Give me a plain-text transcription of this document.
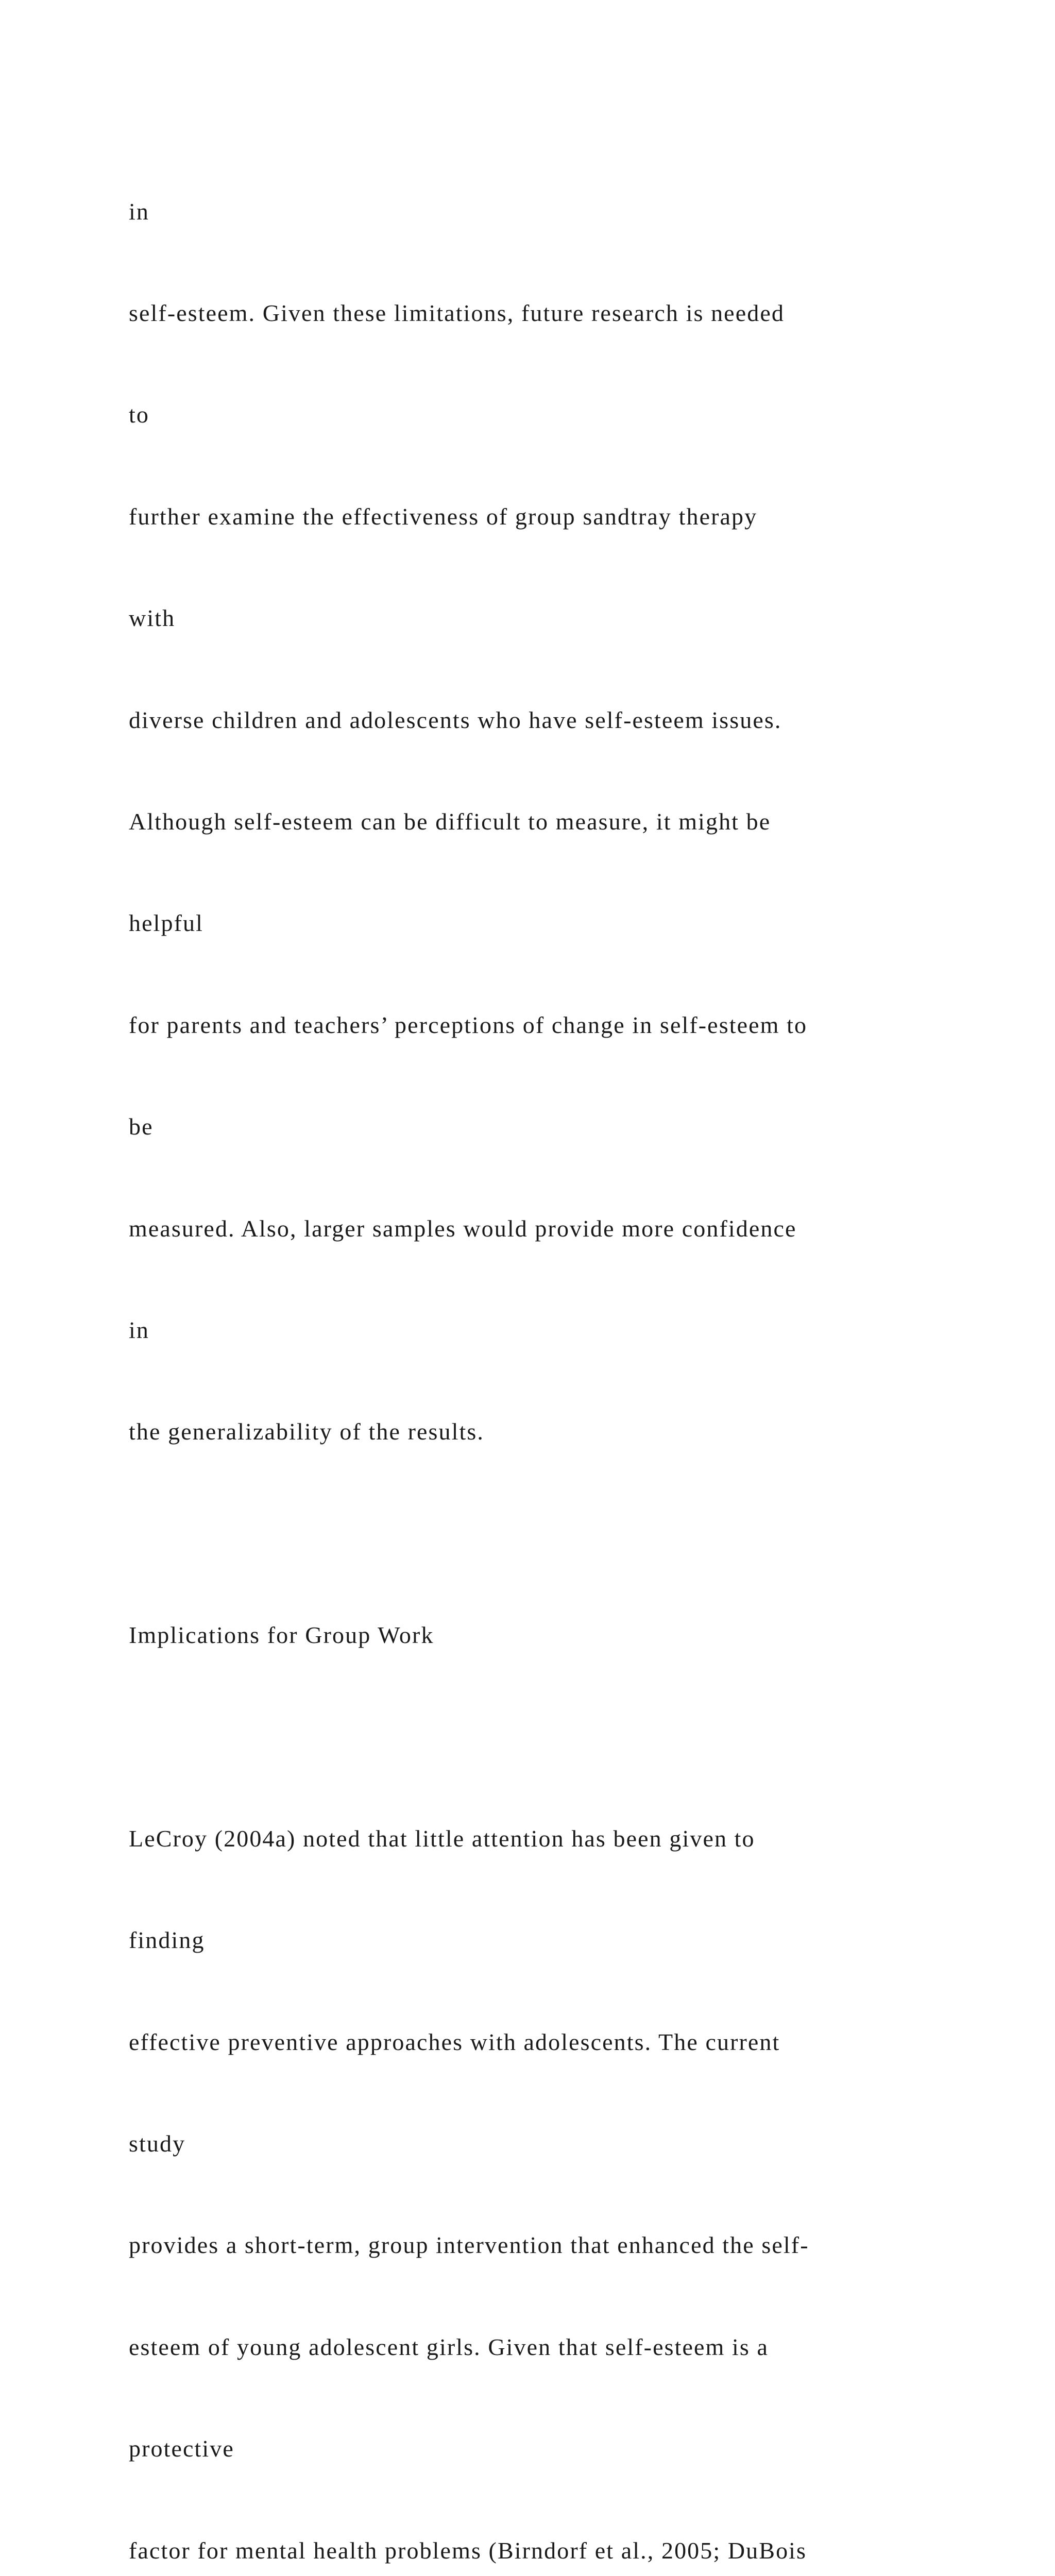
in

self-esteem. Given these limitations, future research is needed

to

further examine the effectiveness of group sandtray therapy

with

diverse children and adolescents who have self-esteem issues.

Although self-esteem can be difficult to measure, it might be

helpful

for parents and teachers’ perceptions of change in self-esteem to

be

measured. Also, larger samples would provide more confidence

in

the generalizability of the results.

Implications for Group Work

LeCroy (2004a) noted that little attention has been given to

finding

effective preventive approaches with adolescents. The current

study

provides a short-term, group intervention that enhanced the self-

esteem of young adolescent girls. Given that self-esteem is a

protective

factor for mental health problems (Birndorf et al., 2005; DuBois
